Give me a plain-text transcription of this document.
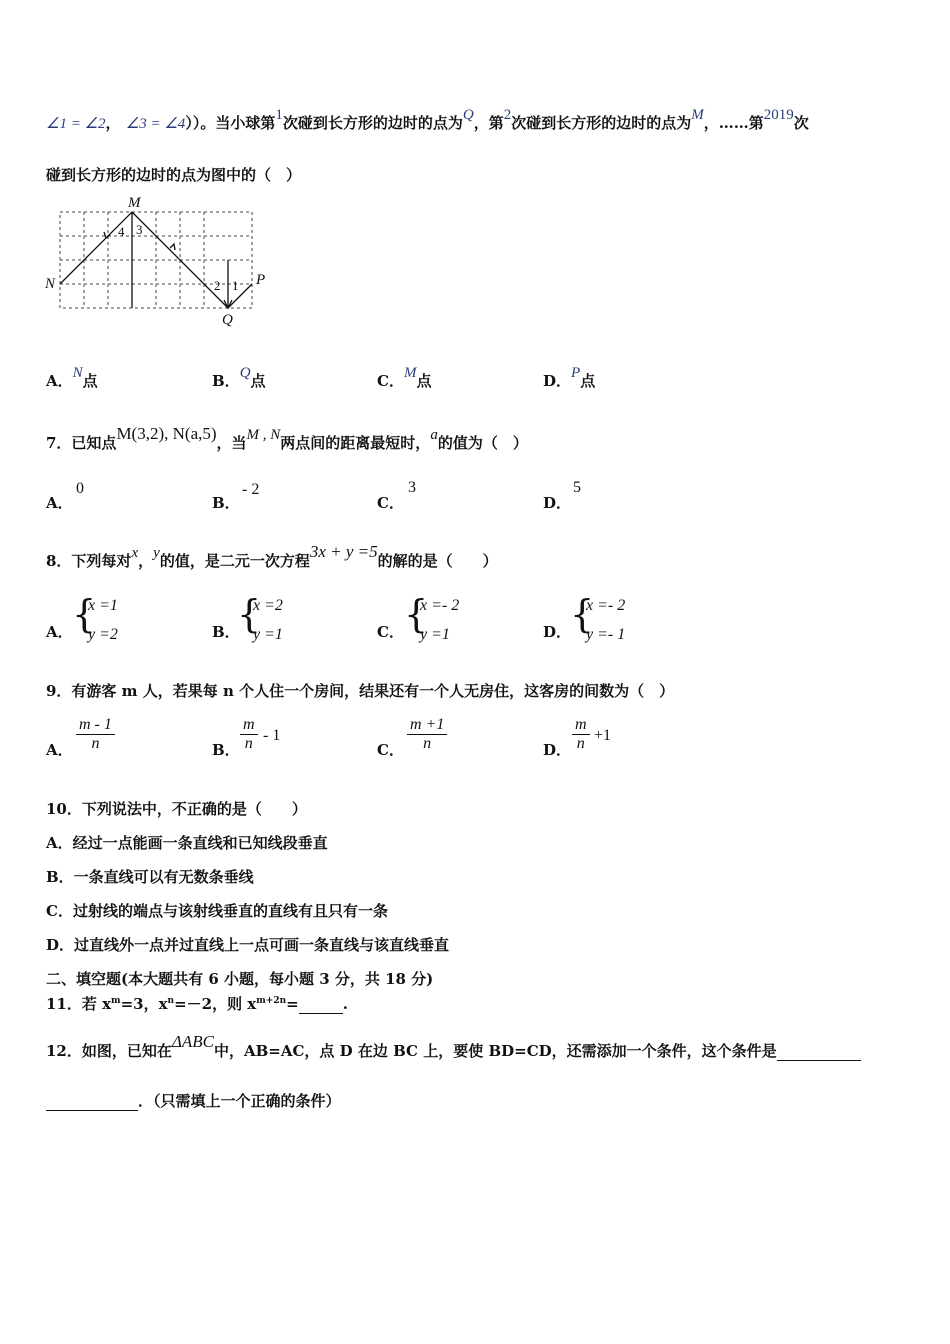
∠1 = ∠2， ∠3 = ∠4））。当小球第1次碰到长方形的边时的点为Q，第2次碰到长方形的边时的点为M，……第2019次
碰到长方形的边时的点为图中的（　）
M
N	P
Q
4 3
2 1
A．N点	B．Q点	C．M点	D．P点
7．已知点M(3,2), N(a,5)，当M , N两点间的距离最短时，a的值为（　）
A．
0
B．
- 2
C．
3
D．
5
8．下列每对x，y的值，是二元一次方程3x + y =5的解的是（　　）
A． {
x =1
y =2	B．
{
x =2
y =1	C． {
x =- 2
y =1	D．
{
x =- 2
y =- 1
9．有游客 m 人，若果每 n 个人住一个房间，结果还有一个人无房住，这客房的间数为（　）
A． $\frac{m - 1}{n}$	B． $\frac{m}{n} - 1$
C． $\frac{m +1}{n}$	D． $\frac{m}{n} +1$
10．下列说法中，不正确的是（　　）
A．经过一点能画一条直线和已知线段垂直
B．一条直线可以有无数条垂线
C．过射线的端点与该射线垂直的直线有且只有一条
D．过直线外一点并过直线上一点可画一条直线与该直线垂直
二、填空题(本大题共有 6 小题，每小题 3 分，共 18 分)
11．若 $x^m=3$，$x^n=-2$，则 $x^{m+2n}=$	.
12．如图，已知在ΔABC中，AB=AC，点 D 在边 BC 上，要使 BD=CD，还需添加一个条件，这个条件是
．（只需填上一个正确的条件）
